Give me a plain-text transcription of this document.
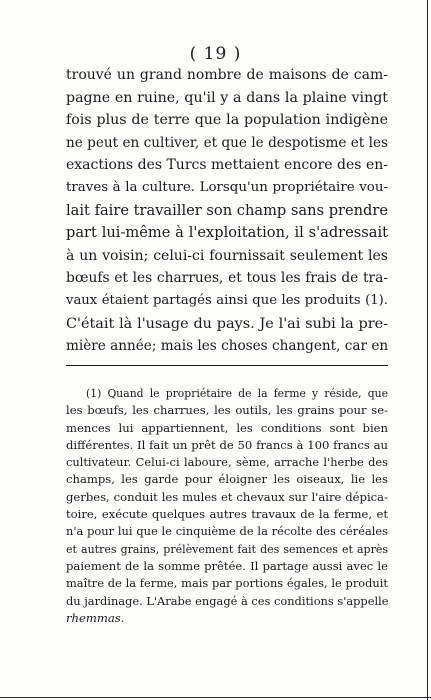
( 19 )
trouvé un grand nombre de maisons de cam-
pagne en ruine, qu'il y a dans la plaine vingt
fois plus de terre que la population indigène
ne peut en cultiver, et que le despotisme et les
exactions des Turcs mettaient encore des en-
traves à la culture. Lorsqu'un propriétaire vou-
lait faire travailler son champ sans prendre
part lui-même à l'exploitation, il s'adressait
à un voisin; celui-ci fournissait seulement les
bœufs et les charrues, et tous les frais de tra-
vaux étaient partagés ainsi que les produits (1).
C'était là l'usage du pays. Je l'ai subi la pre-
mière année; mais les choses changent, car en
(1) Quand le propriétaire de la ferme y réside, que
les bœufs, les charrues, les outils, les grains pour se-
mences lui appartiennent, les conditions sont bien
différentes. Il fait un prêt de 50 francs à 100 francs au
cultivateur. Celui-ci laboure, sème, arrache l'herbe des
champs, les garde pour éloigner les oiseaux, lie les
gerbes, conduit les mules et chevaux sur l'aire dépica-
toire, exécute quelques autres travaux de la ferme, et
n'a pour lui que le cinquième de la récolte des céréales
et autres grains, prélèvement fait des semences et après
paiement de la somme prêtée. Il partage aussi avec le
maître de la ferme, mais par portions égales, le produit
du jardinage. L'Arabe engagé à ces conditions s'appelle
rhemmas.
